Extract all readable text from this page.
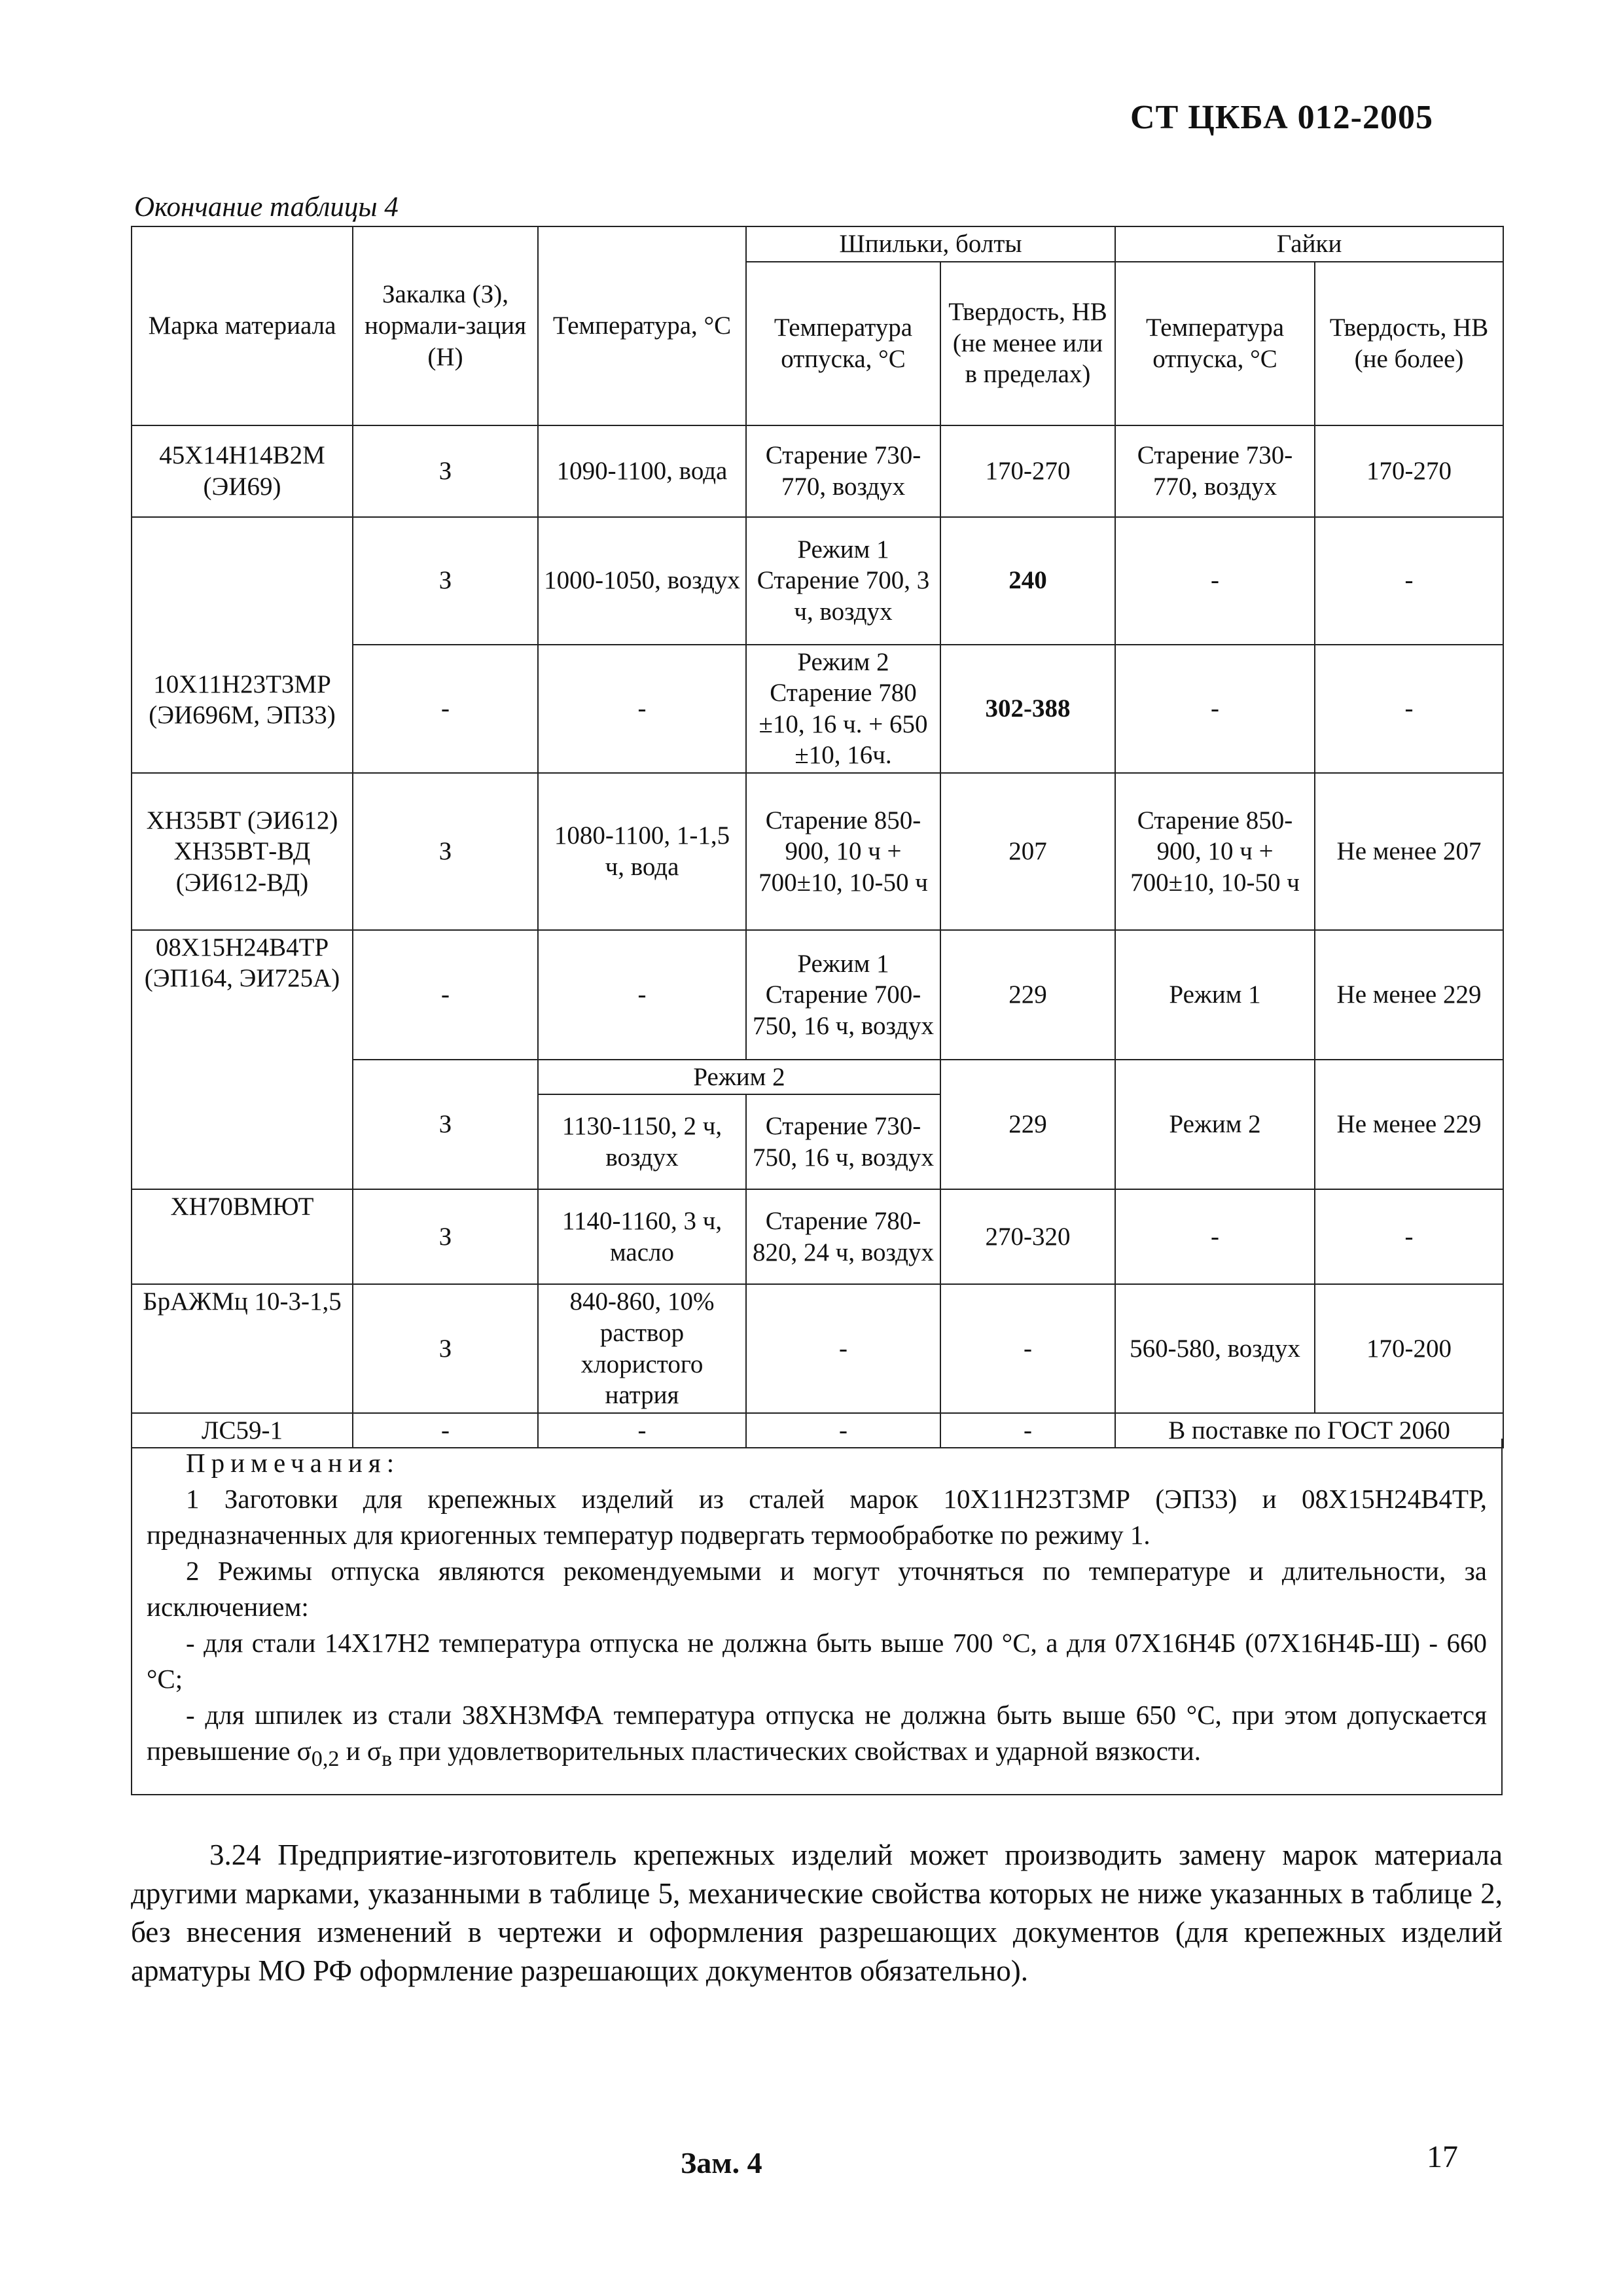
СТ ЦКБА 012-2005
Окончание таблицы 4
Марка материала	Закалка (З), нормали-зация (Н)	Температура, °С	Шпильки, болты		Гайки	
			Температура отпуска, °С	Твердость, НВ (не менее или в пределах)	Температура отпуска, °С	Твердость, НВ (не более)
45Х14Н14В2М (ЭИ69)	З	1090-1100, вода	Старение 730-770, воздух	170-270	Старение 730-770, воздух	170-270
10Х11Н23Т3МР (ЭИ696М, ЭП33)	З	1000-1050, воздух	Режим 1 Старение 700, 3 ч, воздух	240	-	-
	-	-	Режим 2 Старение 780 ±10, 16 ч. + 650 ±10, 16ч.	302-388	-	-
ХН35ВТ (ЭИ612) ХН35ВТ-ВД (ЭИ612-ВД)	З	1080-1100, 1-1,5 ч, вода	Старение 850-900, 10 ч + 700±10, 10-50 ч	207	Старение 850-900, 10 ч + 700±10, 10-50 ч	Не менее 207
08Х15Н24В4ТР (ЭП164, ЭИ725А)	-	-	Режим 1 Старение 700-750, 16 ч, воздух	229	Режим 1	Не менее 229
	З	Режим 2		229	Режим 2	Не менее 229
		1130-1150, 2 ч, воздух	Старение 730-750, 16 ч, воздух			
ХН70ВМЮТ	З	1140-1160, 3 ч, масло	Старение 780-820, 24 ч, воздух	270-320	-	-
БрАЖМц 10-3-1,5	З	840-860, 10% раствор хлористого натрия	-	-	560-580, воздух	170-200
ЛС59-1	-	-	-	-	В поставке по ГОСТ 2060	
Примечания:

1 Заготовки для крепежных изделий из сталей марок 10Х11Н23Т3МР (ЭП33) и 08Х15Н24В4ТР, предназначенных для криогенных температур подвергать термообработке по режиму 1.

2 Режимы отпуска являются рекомендуемыми и могут уточняться по температуре и длительности, за исключением:

- для стали 14Х17Н2 температура отпуска не должна быть выше 700 °С, а для 07Х16Н4Б (07Х16Н4Б-Ш) - 660 °С;

- для шпилек из стали 38ХН3МФА температура отпуска не должна быть выше 650 °С, при этом допускается превышение $\sigma_{0,2}$ и $\sigma_в$ при удовлетворительных пластических свойствах и ударной вязкости.

3.24 Предприятие-изготовитель крепежных изделий может производить замену марок материала другими марками, указанными в таблице 5, механические свойства которых не ниже указанных в таблице 2, без внесения изменений в чертежи и оформления разрешающих документов (для крепежных изделий арматуры МО РФ оформление разрешающих документов обязательно).
Зам. 4	17
